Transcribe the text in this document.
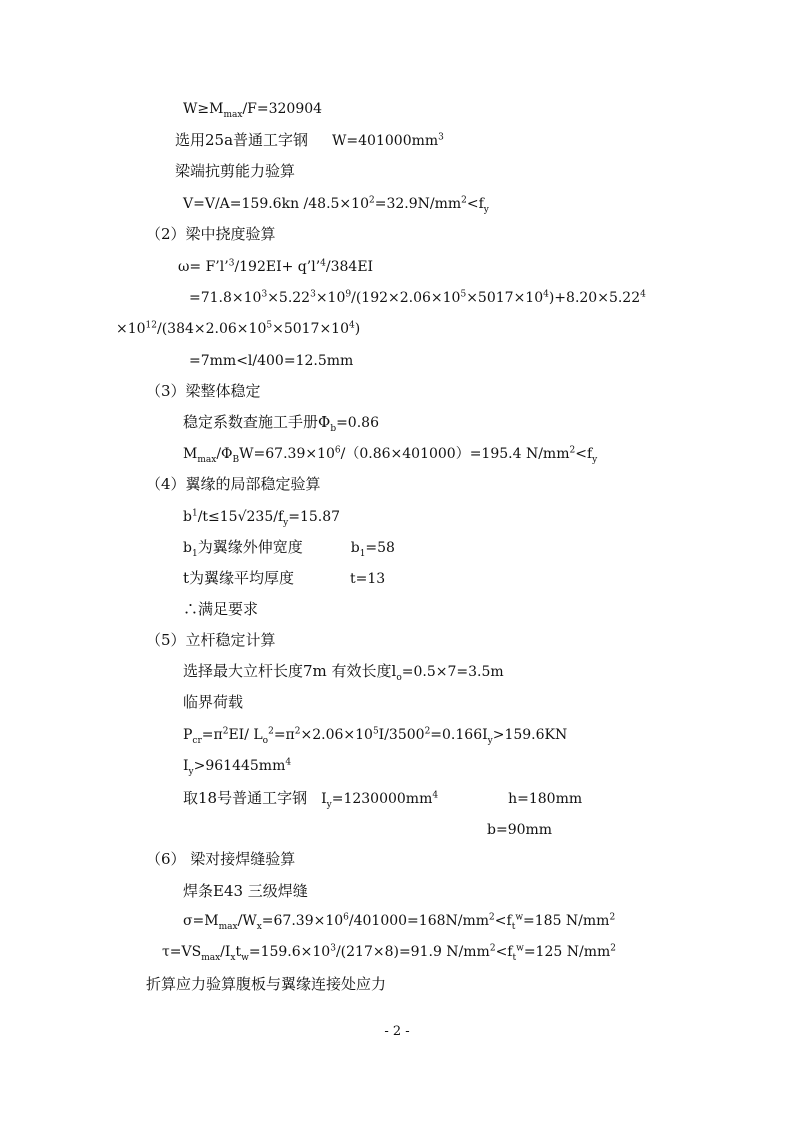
$W\ge M_{max}/F=320904$
选用25a普通工字钢 $W=401000mm^3$
梁端抗剪能力验算
V=V/A=159.6kn $/48.5\times 10^2=32.9N/mm^2<f_y$
（2）梁中挠度验算
ω= F’l’$^3$/192EI+ q’l’$^4$/384EI
$=71.8\times 10^3\times 5.22^3\times 10^9/(192\times 2.06\times 10^5\times 5017\times 10^4)+8.20\times 5.22^4$
$\times 10^{12}/(384\times 2.06\times 10^5\times 5017\times 10^4)$
=7mm<l/400=12.5mm
（3）梁整体稳定
稳定系数查施工手册$\Phi_b=0.86$
$M_{max}/\Phi_BW=67.39\times 10^6/(0.86\times 401000)=195.4$ $N/mm^2<f_y$
（4）翼缘的局部稳定验算
$b^1/t\le 15√235/f_y=15.87$
$b_1$为翼缘外伸宽度	$b_1=58$
t为翼缘平均厚度	t=13
∴满足要求
（5）立杆稳定计算
选择最大立杆长度7m 有效长度$l_o=0.5\times 7=3.5m$
临界荷载
$P_{cr}=\pi^2EI/$ $L_o^2=\pi^2\times 2.06\times 10^5I/3500^2=0.166I_y>159.6KN$
$I_y>961445mm^4$
取18号普通工字钢 $I_y=1230000mm^4$	h=180mm
b=90mm
（6） 梁对接焊缝验算
焊条E43 三级焊缝
$\sigma=M_{max}/W_x=67.39\times 10^6/401000=168N/mm^2<f_t^w=185$ $N/mm^2$
$\tau=VS_{max}/I_xt_w=159.6\times 10^3/(217\times 8)=91.9$ $N/mm^2<f_t^w=125$ $N/mm^2$
折算应力验算腹板与翼缘连接处应力
- 2 -
